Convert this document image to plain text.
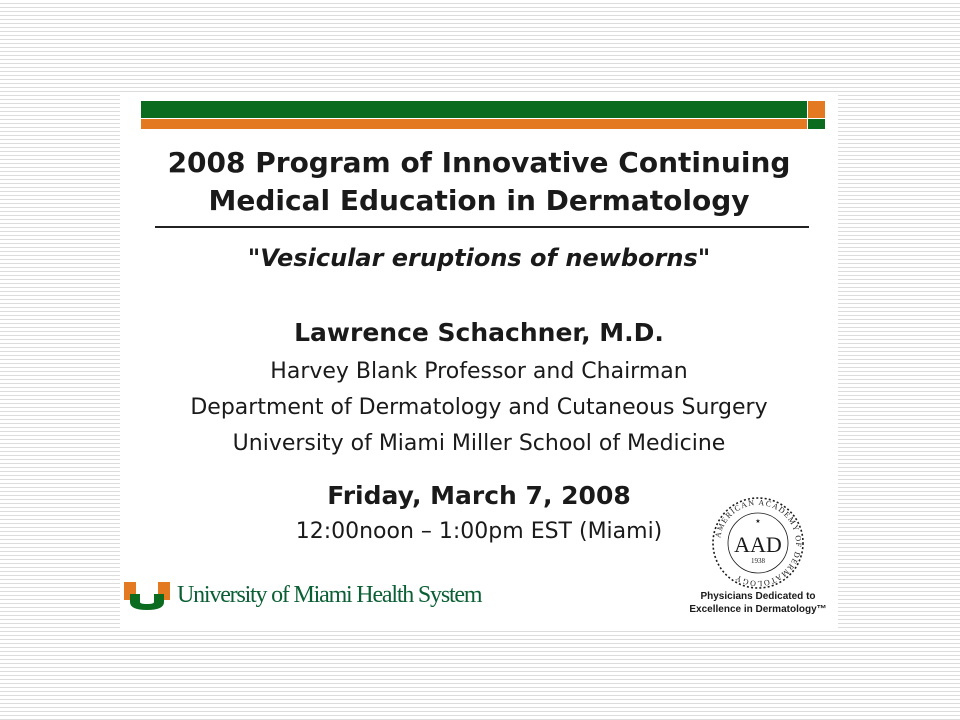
2008 Program of Innovative Continuing
Medical Education in Dermatology
"Vesicular eruptions of newborns"
Lawrence Schachner, M.D.
Harvey Blank Professor and Chairman
Department of Dermatology and Cutaneous Surgery
University of Miami Miller School of Medicine
Friday, March 7, 2008
12:00noon – 1:00pm EST (Miami)
University of Miami Health System
AMERICAN ACADEMY OF DERMATOLOGY
★
AAD
1938
Physicians Dedicated to
Excellence in Dermatology™
